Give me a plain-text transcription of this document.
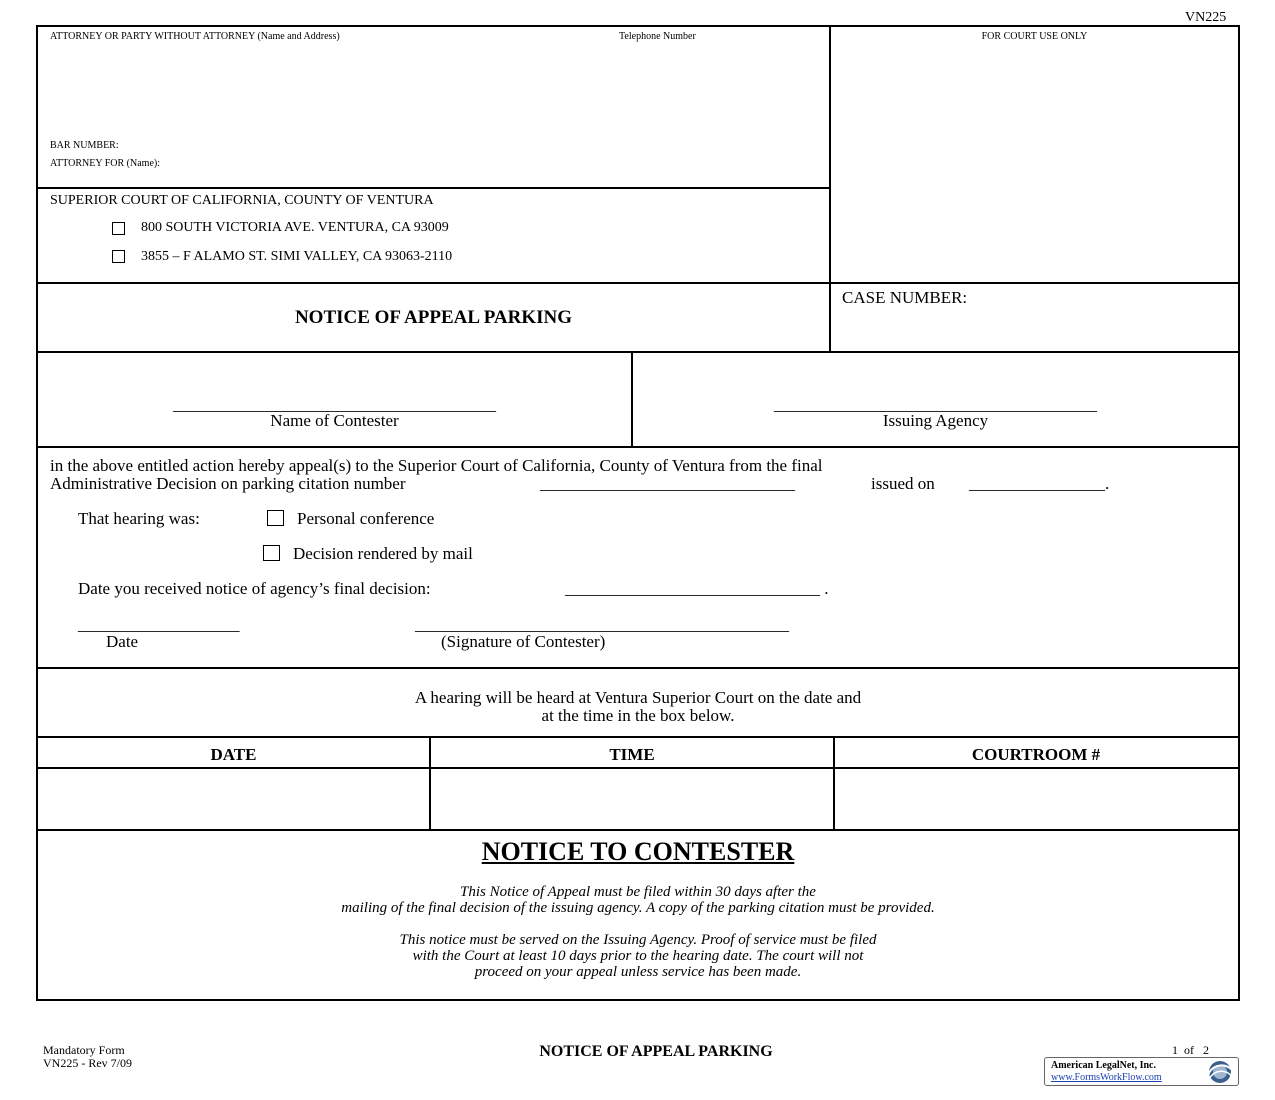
VN225
ATTORNEY OR PARTY WITHOUT ATTORNEY (Name and Address)	Telephone Number	FOR COURT USE ONLY
BAR NUMBER:
ATTORNEY FOR (Name):
SUPERIOR COURT OF CALIFORNIA, COUNTY OF VENTURA
800 SOUTH VICTORIA AVE. VENTURA, CA 93009
3855 – F ALAMO ST. SIMI VALLEY, CA 93063-2110
NOTICE OF APPEAL PARKING
CASE NUMBER:
______________________________________
Name of Contester
______________________________________
Issuing Agency
in the above entitled action hereby appeal(s) to the Superior Court of California, County of Ventura from the final
Administrative Decision on parking citation number	______________________________	issued on ________________.
That hearing was:	Personal conference
Decision rendered by mail
Date you received notice of agency’s final decision:	______________________________ .
___________________
Date
____________________________________________
(Signature of Contester)
A hearing will be heard at Ventura Superior Court on the date and
at the time in the box below.
DATE	TIME	COURTROOM #
NOTICE TO CONTESTER
This Notice of Appeal must be filed within 30 days after the
mailing of the final decision of the issuing agency. A copy of the parking citation must be provided.
This notice must be served on the Issuing Agency. Proof of service must be filed
with the Court at least 10 days prior to the hearing date. The court will not
proceed on your appeal unless service has been made.
Mandatory Form
VN225 - Rev 7/09
NOTICE OF APPEAL PARKING	1  of   2
American LegalNet, Inc.
www.FormsWorkFlow.com
